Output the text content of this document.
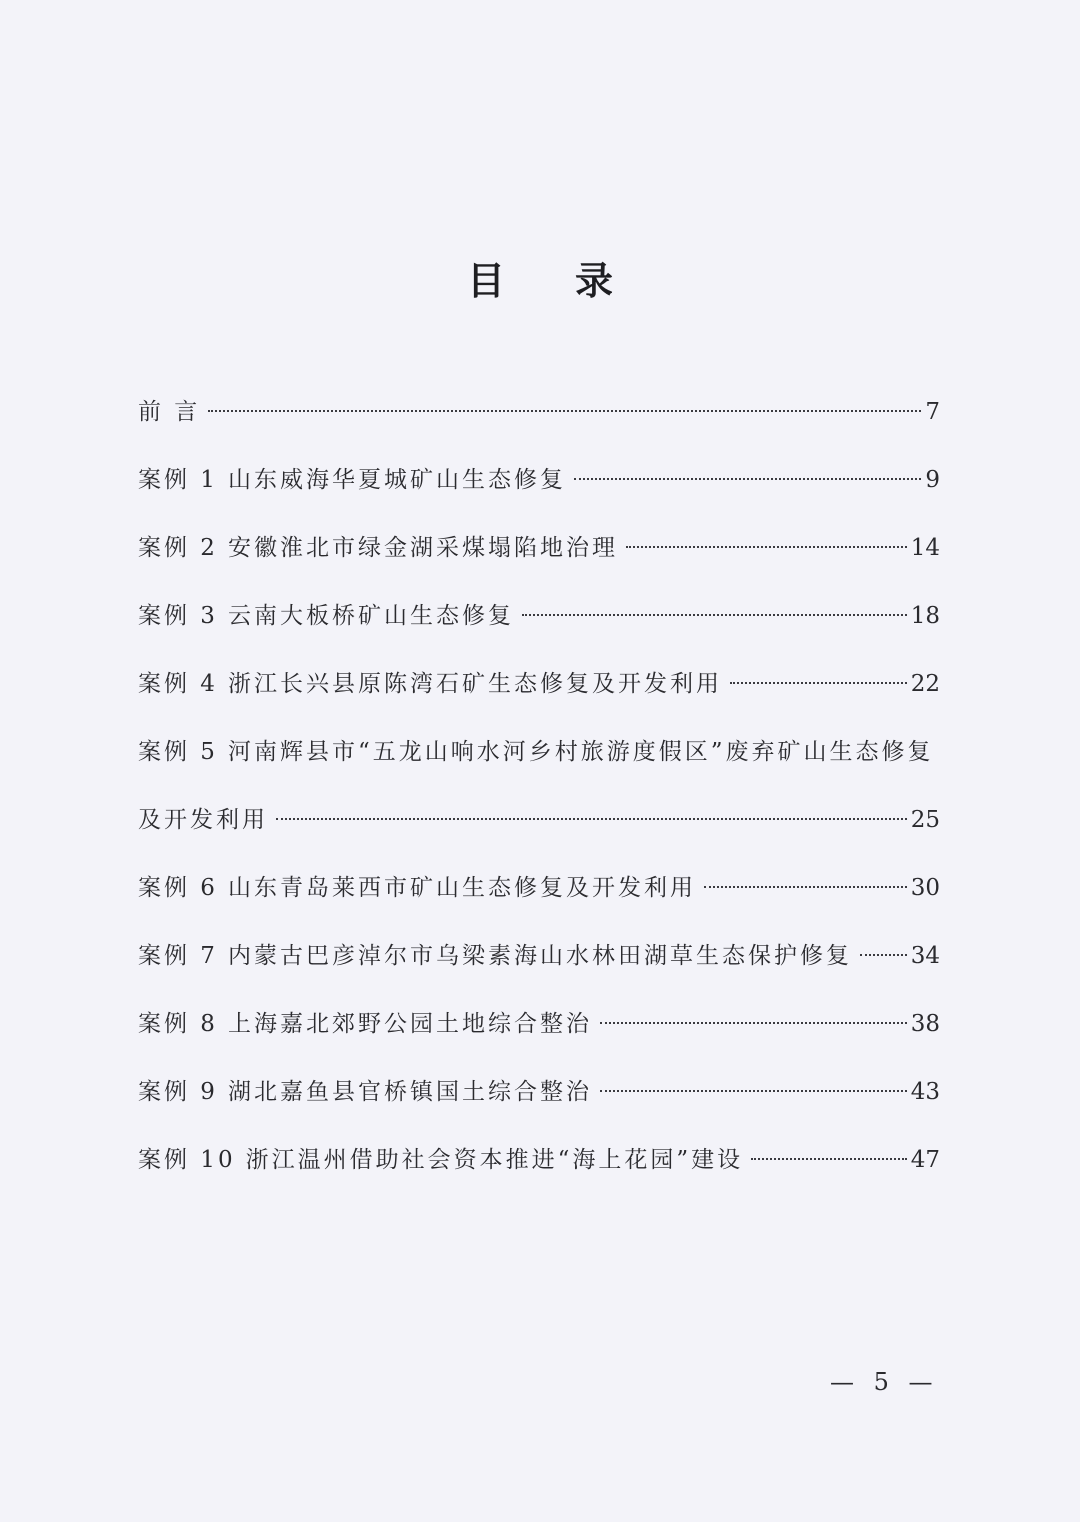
目 录
前 言	7
案例 1 山东威海华夏城矿山生态修复	9
案例 2 安徽淮北市绿金湖采煤塌陷地治理	14
案例 3 云南大板桥矿山生态修复	18
案例 4 浙江长兴县原陈湾石矿生态修复及开发利用	22
案例 5 河南辉县市“五龙山响水河乡村旅游度假区”废弃矿山生态修复
及开发利用	25
案例 6 山东青岛莱西市矿山生态修复及开发利用	30
案例 7 内蒙古巴彦淖尔市乌梁素海山水林田湖草生态保护修复	34
案例 8 上海嘉北郊野公园土地综合整治	38
案例 9 湖北嘉鱼县官桥镇国土综合整治	43
案例 10 浙江温州借助社会资本推进“海上花园”建设	47
— 5 —
